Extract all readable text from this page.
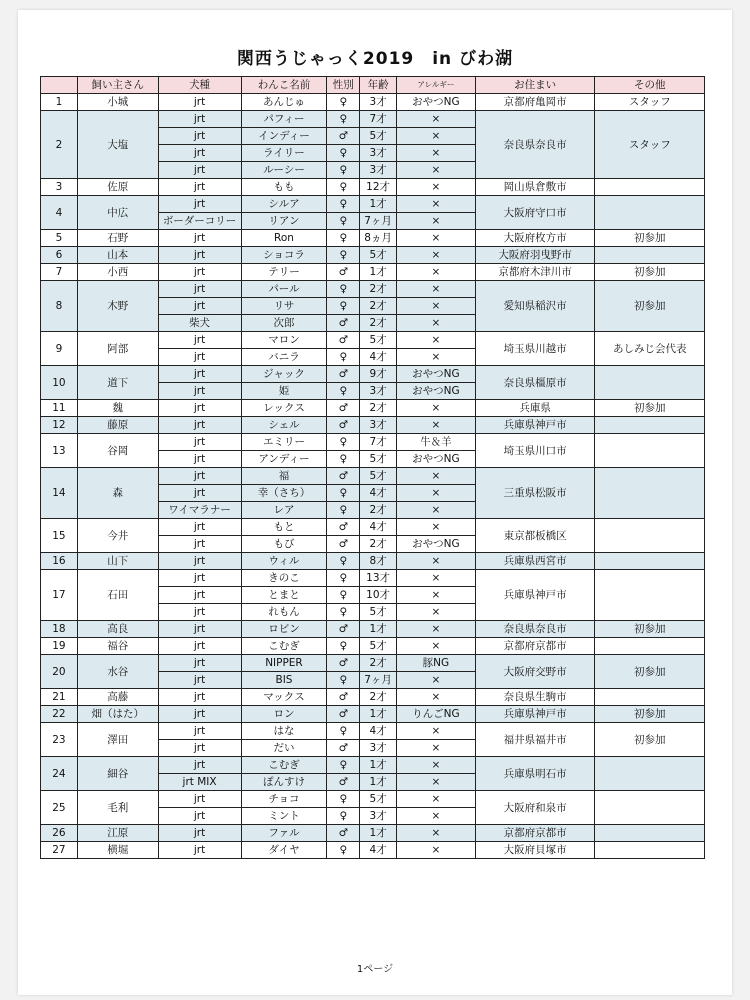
関西うじゃっく2019　in びわ湖
	飼い主さん	犬種	わんこ名前	性別	年齢	アレルギー	お住まい	その他
1	小城	jrt	あんじゅ	♀	3才	おやつNG	京都府亀岡市	スタッフ
2	大塩	jrt	パフィー	♀	7才	×	奈良県奈良市	スタッフ
		jrt	インディー	♂	5才	×		
		jrt	ライリー	♀	3才	×		
		jrt	ルーシー	♀	3才	×		
3	佐原	jrt	もも	♀	12才	×	岡山県倉敷市	
4	中広	jrt	シルア	♀	1才	×	大阪府守口市	
		ボーダーコリー	リアン	♀	7ヶ月	×		
5	石野	jrt	Ron	♀	8ヵ月	×	大阪府枚方市	初参加
6	山本	jrt	ショコラ	♀	5才	×	大阪府羽曳野市	
7	小西	jrt	テリー	♂	1才	×	京都府木津川市	初参加
8	木野	jrt	パール	♀	2才	×	愛知県稲沢市	初参加
		jrt	リサ	♀	2才	×		
		柴犬	次郎	♂	2才	×		
9	阿部	jrt	マロン	♂	5才	×	埼玉県川越市	あしみじ会代表
		jrt	バニラ	♀	4才	×		
10	道下	jrt	ジャック	♂	9才	おやつNG	奈良県橿原市	
		jrt	姫	♀	3才	おやつNG		
11	魏	jrt	レックス	♂	2才	×	兵庫県	初参加
12	藤原	jrt	シェル	♂	3才	×	兵庫県神戸市	
13	谷岡	jrt	エミリー	♀	7才	牛＆羊	埼玉県川口市	
		jrt	アンディー	♀	5才	おやつNG		
14	森	jrt	福	♂	5才	×	三重県松阪市	
		jrt	幸（さち）	♀	4才	×		
		ワイマラナー	レア	♀	2才	×		
15	今井	jrt	もと	♂	4才	×	東京都板橋区	
		jrt	もび	♂	2才	おやつNG		
16	山下	jrt	ウィル	♀	8才	×	兵庫県西宮市	
17	石田	jrt	きのこ	♀	13才	×	兵庫県神戸市	
		jrt	とまと	♀	10才	×		
		jrt	れもん	♀	5才	×		
18	高良	jrt	ロビン	♂	1才	×	奈良県奈良市	初参加
19	福谷	jrt	こむぎ	♀	5才	×	京都府京都市	
20	水谷	jrt	NIPPER	♂	2才	豚NG	大阪府交野市	初参加
		jrt	BIS	♀	7ヶ月	×		
21	高藤	jrt	マックス	♂	2才	×	奈良県生駒市	
22	畑（はた）	jrt	ロン	♂	1才	りんごNG	兵庫県神戸市	初参加
23	澤田	jrt	はな	♀	4才	×	福井県福井市	初参加
		jrt	だい	♂	3才	×		
24	細谷	jrt	こむぎ	♀	1才	×	兵庫県明石市	
		jrt MIX	ぽんすけ	♂	1才	×		
25	毛利	jrt	チョコ	♀	5才	×	大阪府和泉市	
		jrt	ミント	♀	3才	×		
26	江原	jrt	ファル	♂	1才	×	京都府京都市	
27	横堀	jrt	ダイヤ	♀	4才	×	大阪府貝塚市	
1ページ
